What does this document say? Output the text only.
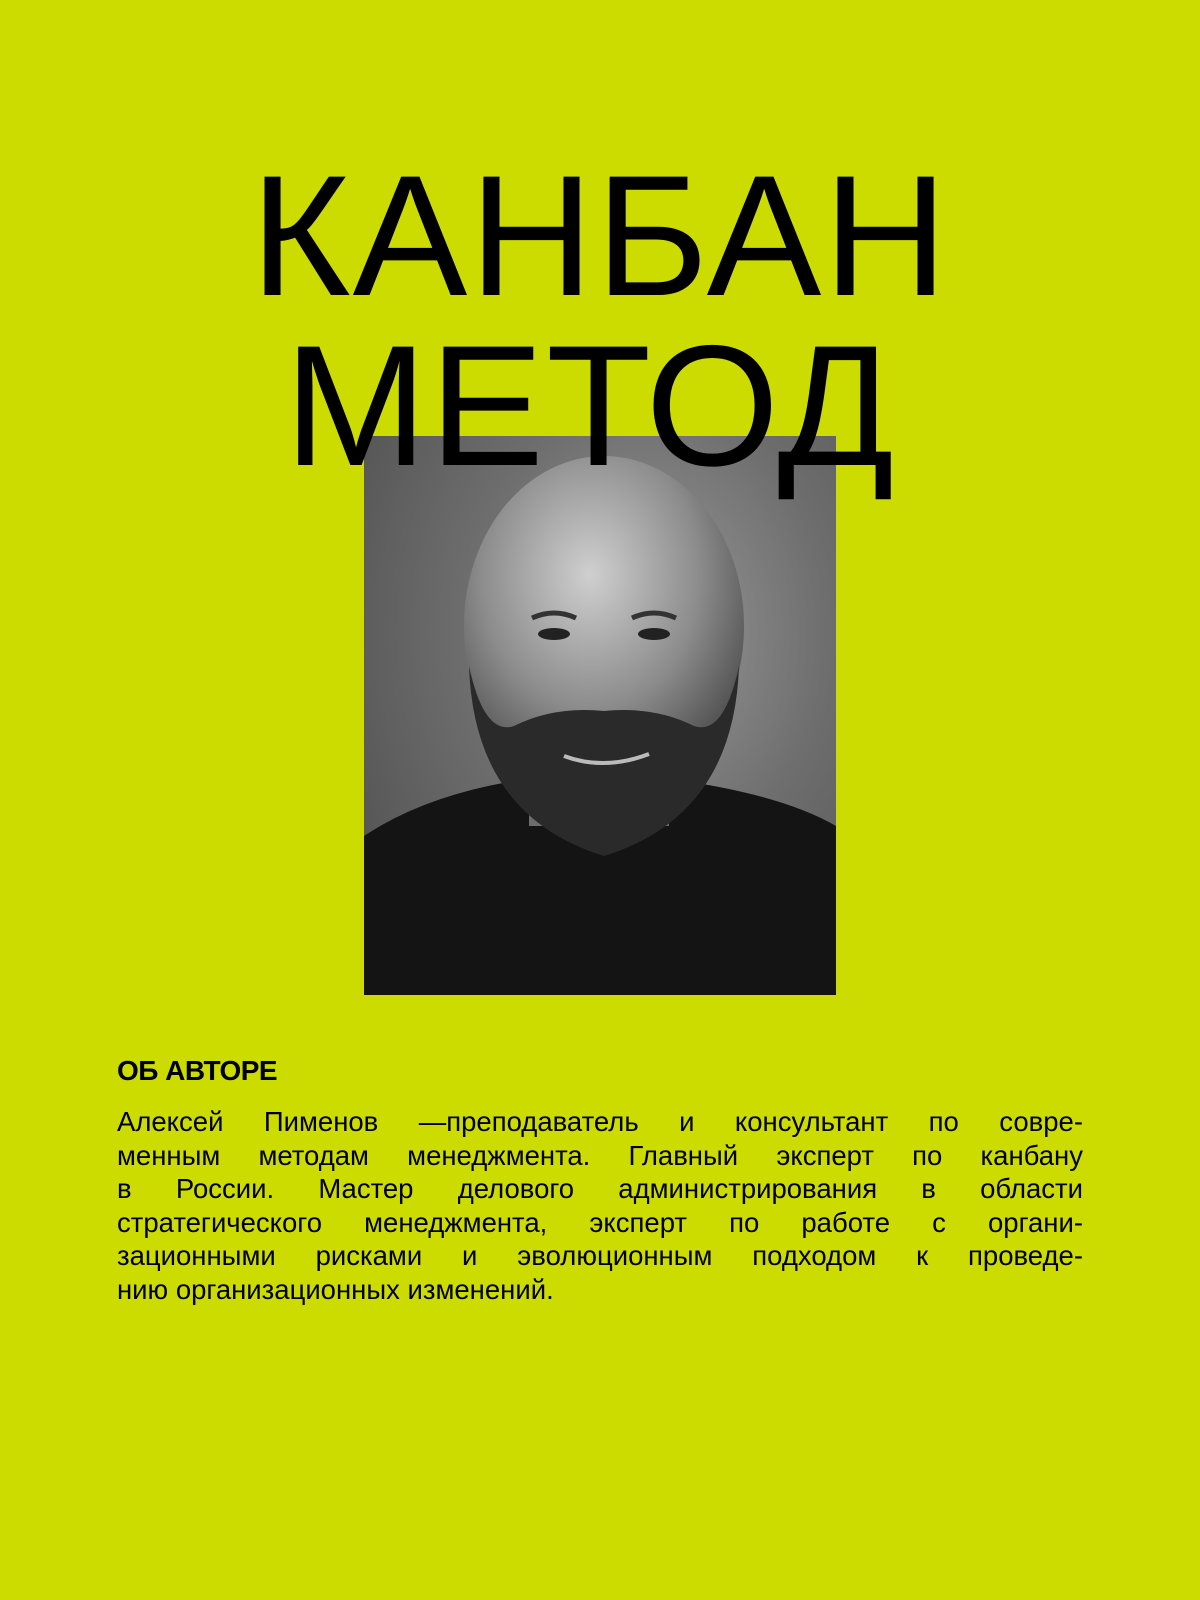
КАНБАН
МЕТОД
ОБ АВТОРЕ
Алексей Пименов —преподаватель и консультант по совре-
менным методам менеджмента. Главный эксперт по канбану
в России. Мастер делового администрирования в области
стратегического менеджмента, эксперт по работе с органи-
зационными рисками и эволюционным подходом к проведе-
нию организационных изменений.
